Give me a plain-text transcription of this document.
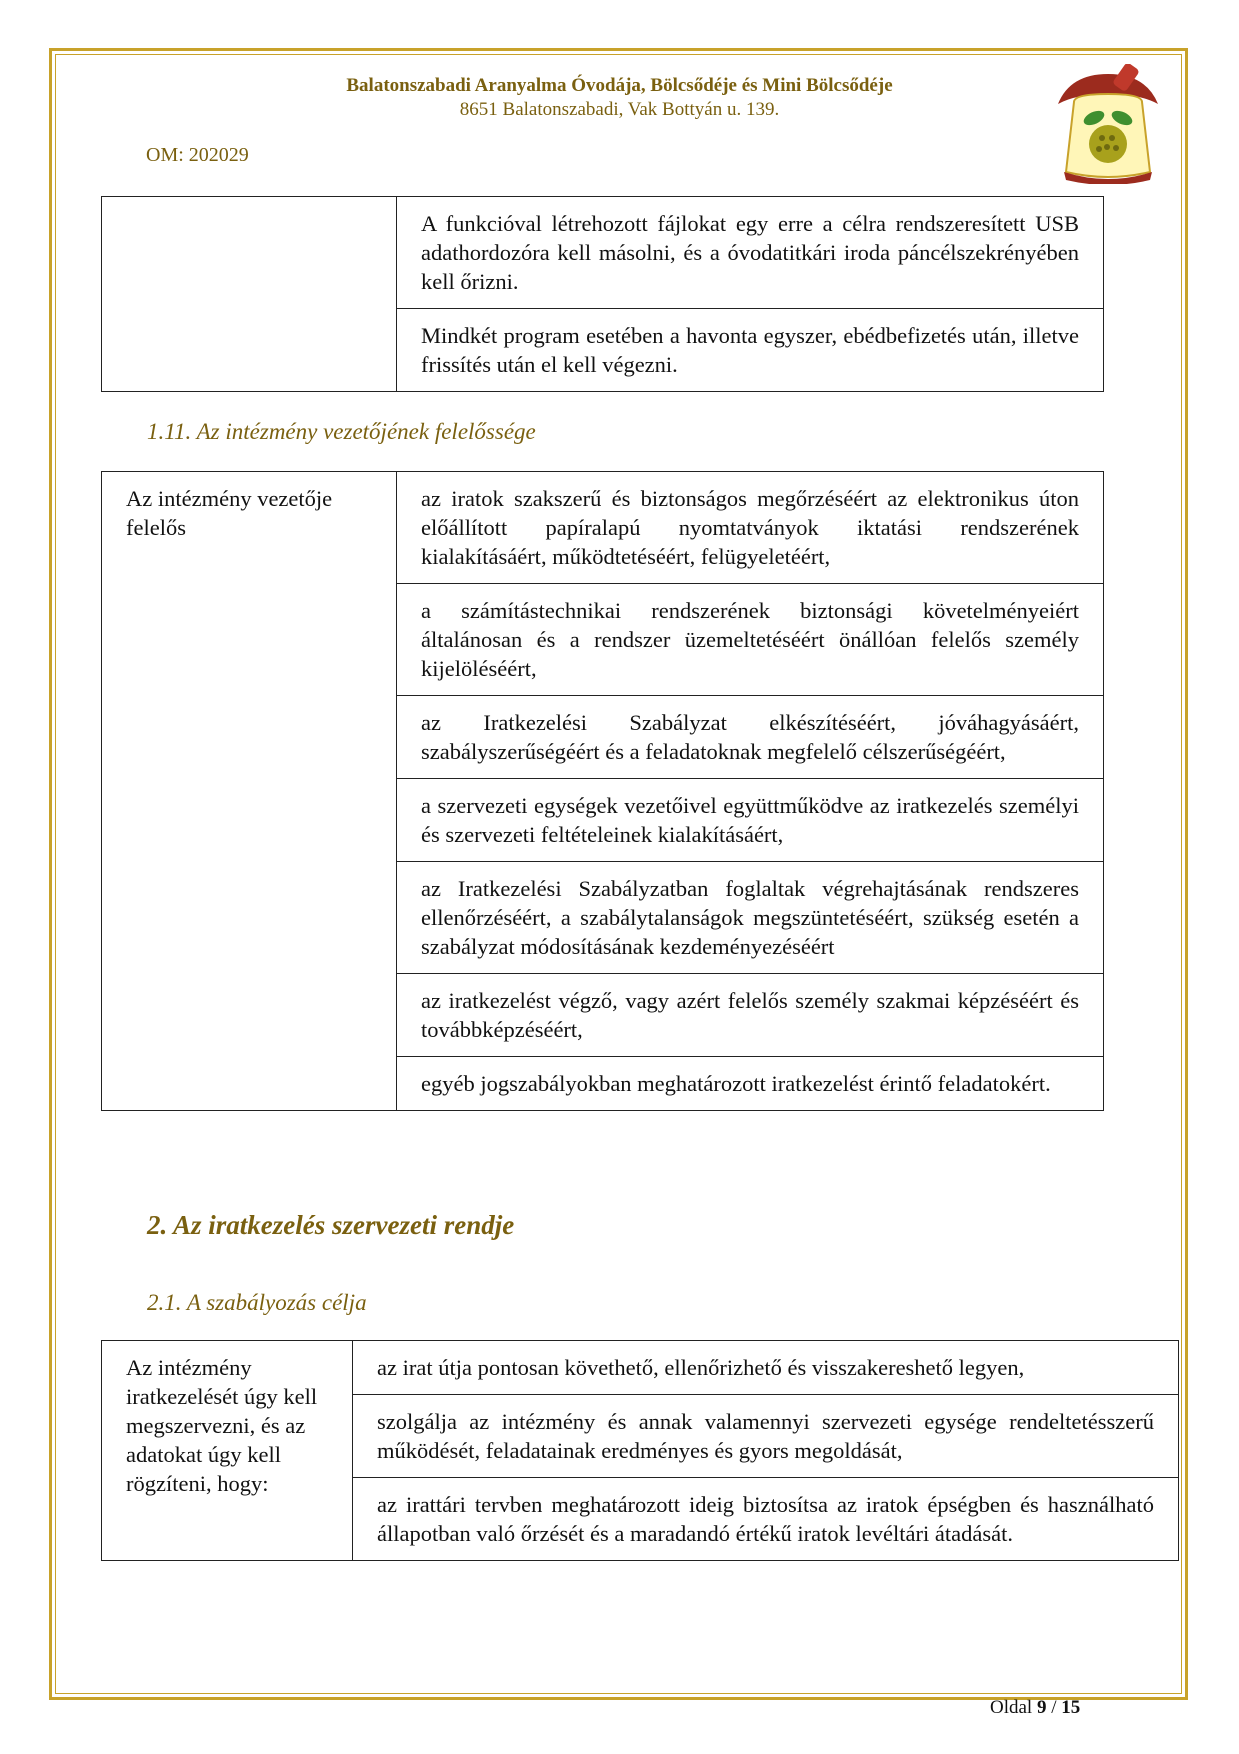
Balatonszabadi Aranyalma Óvodája, Bölcsődéje és Mini Bölcsődéje
8651 Balatonszabadi, Vak Bottyán u. 139.
OM: 202029
	A funkcióval létrehozott fájlokat egy erre a célra rendszeresített USB adathordozóra kell másolni, és a óvodatitkári iroda páncélszekrényében kell őrizni.
Mindkét program esetében a havonta egyszer, ebédbefizetés után, illetve frissítés után el kell végezni.
1.11. Az intézmény vezetőjének felelőssége
Az intézmény vezetője felelős	az iratok szakszerű és biztonságos megőrzéséért az elektronikus úton előállított papíralapú nyomtatványok iktatási rendszerének kialakításáért, működtetéséért, felügyeletéért,
a számítástechnikai rendszerének biztonsági követelményeiért általánosan és a rendszer üzemeltetéséért önállóan felelős személy kijelöléséért,
az Iratkezelési Szabályzat elkészítéséért, jóváhagyásáért, szabályszerűségéért és a feladatoknak megfelelő célszerűségéért,
a szervezeti egységek vezetőivel együttműködve az iratkezelés személyi és szervezeti feltételeinek kialakításáért,
az Iratkezelési Szabályzatban foglaltak végrehajtásának rendszeres ellenőrzéséért, a szabálytalanságok megszüntetéséért, szükség esetén a szabályzat módosításának kezdeményezéséért
az iratkezelést végző, vagy azért felelős személy szakmai képzéséért és továbbképzéséért,
egyéb jogszabályokban meghatározott iratkezelést érintő feladatokért.
2. Az iratkezelés szervezeti rendje
2.1. A szabályozás célja
Az intézmény iratkezelését úgy kell megszervezni, és az adatokat úgy kell rögzíteni, hogy:	az irat útja pontosan követhető, ellenőrizhető és visszakereshető legyen,
szolgálja az intézmény és annak valamennyi szervezeti egysége rendeltetésszerű működését, feladatainak eredményes és gyors megoldását,
az irattári tervben meghatározott ideig biztosítsa az iratok épségben és használható állapotban való őrzését és a maradandó értékű iratok levéltári átadását.
Oldal 9 / 15
